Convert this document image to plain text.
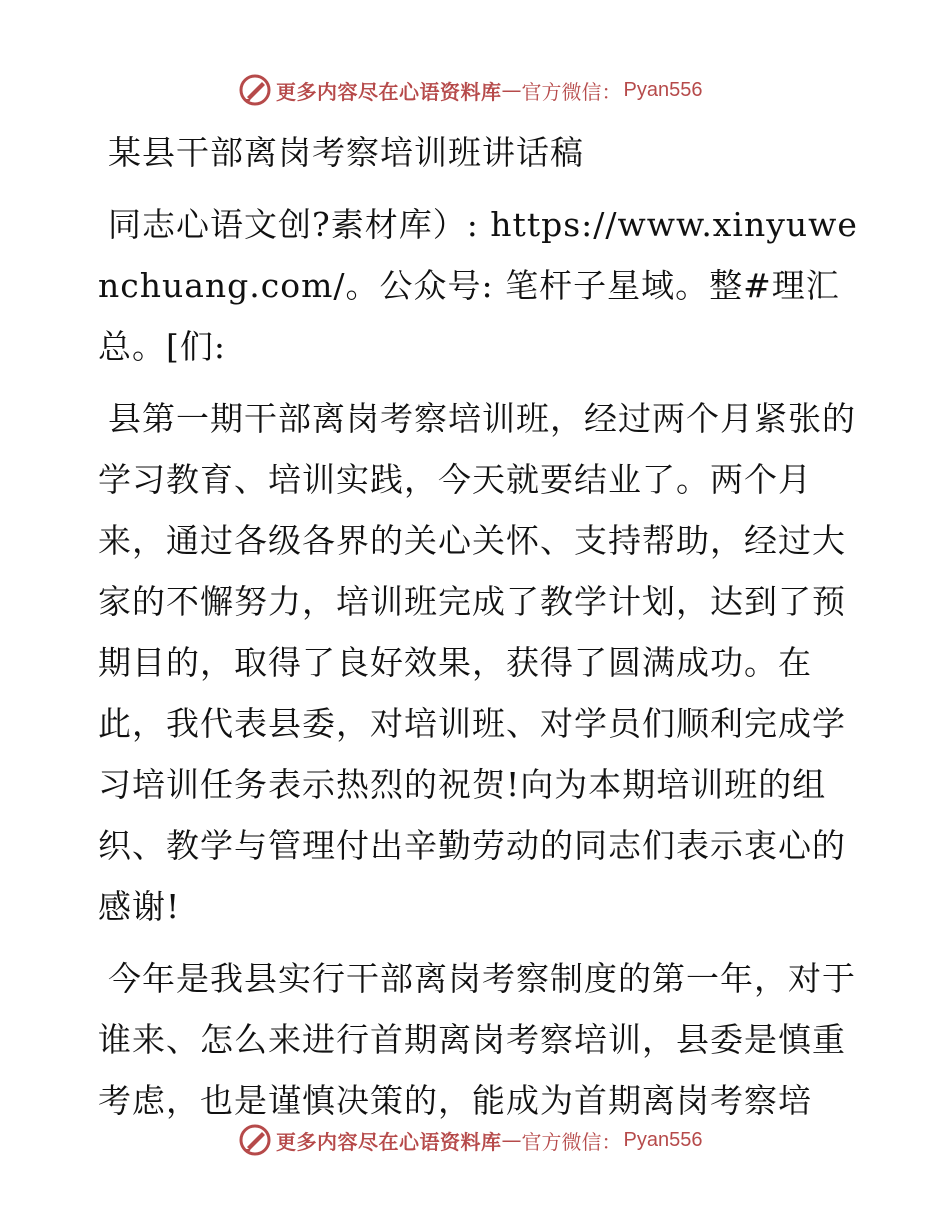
更多内容尽在心语资料库 — 官方微信： Pyan556

某县干部离岗考察培训班讲话稿

同志心语文创?素材库）: https://www.xinyuwenchuang.com/。公众号: 笔杆子星域。整#理汇总。[们:

县第一期干部离岗考察培训班，经过两个月紧张的学习教育、培训实践，今天就要结业了。两个月来，通过各级各界的关心关怀、支持帮助，经过大家的不懈努力，培训班完成了教学计划，达到了预期目的，取得了良好效果，获得了圆满成功。在此，我代表县委，对培训班、对学员们顺利完成学习培训任务表示热烈的祝贺!向为本期培训班的组织、教学与管理付出辛勤劳动的同志们表示衷心的感谢!

今年是我县实行干部离岗考察制度的第一年，对于谁来、怎么来进行首期离岗考察培训，县委是慎重考虑，也是谨慎决策的，能成为首期离岗考察培

更多内容尽在心语资料库 — 官方微信： Pyan556
